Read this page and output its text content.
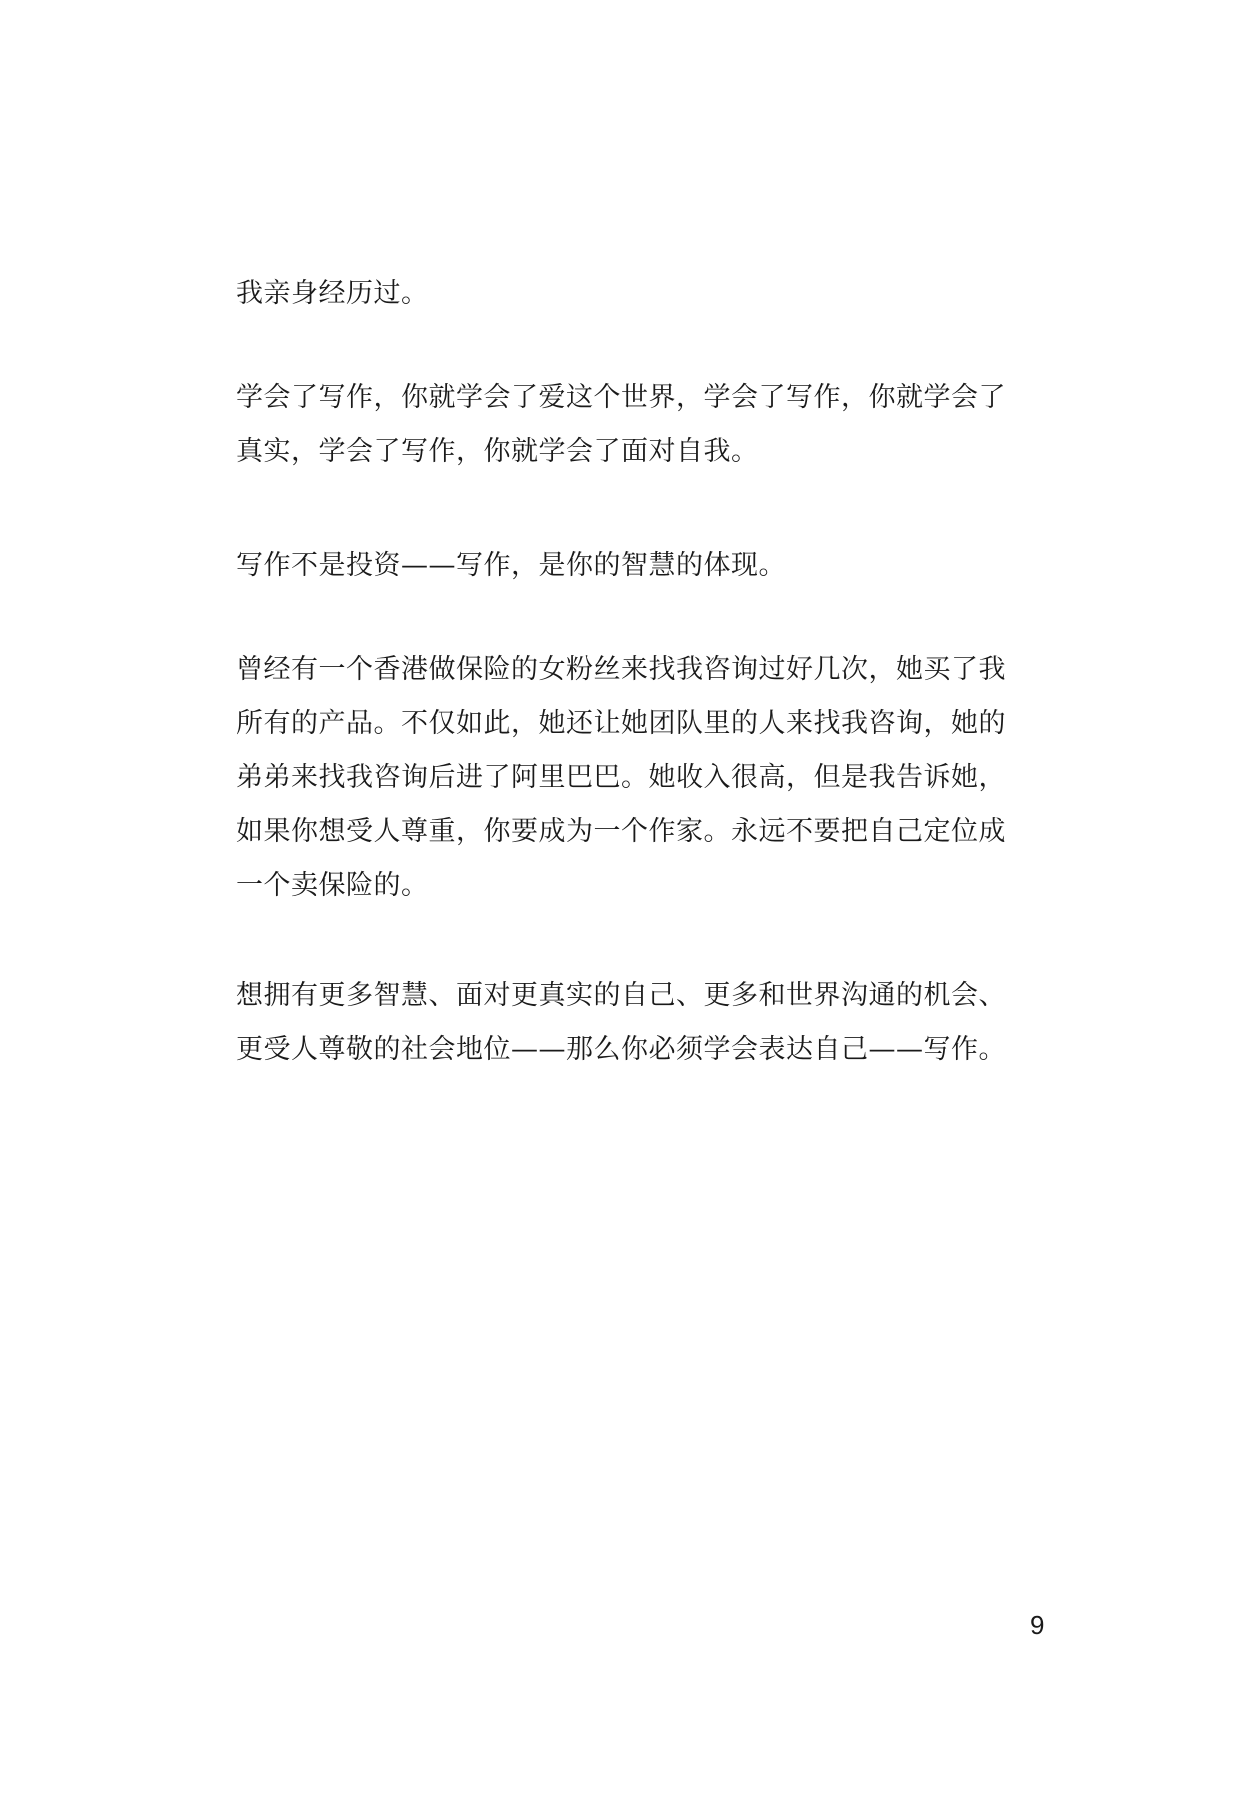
我亲身经历过。
学会了写作，你就学会了爱这个世界，学会了写作，你就学会了
真实，学会了写作，你就学会了面对自我。
写作不是投资——写作，是你的智慧的体现。
曾经有一个香港做保险的女粉丝来找我咨询过好几次，她买了我
所有的产品。不仅如此，她还让她团队里的人来找我咨询，她的
弟弟来找我咨询后进了阿里巴巴。她收入很高，但是我告诉她，
如果你想受人尊重，你要成为一个作家。永远不要把自己定位成
一个卖保险的。
想拥有更多智慧、面对更真实的自己、更多和世界沟通的机会、
更受人尊敬的社会地位——那么你必须学会表达自己——写作。
9
